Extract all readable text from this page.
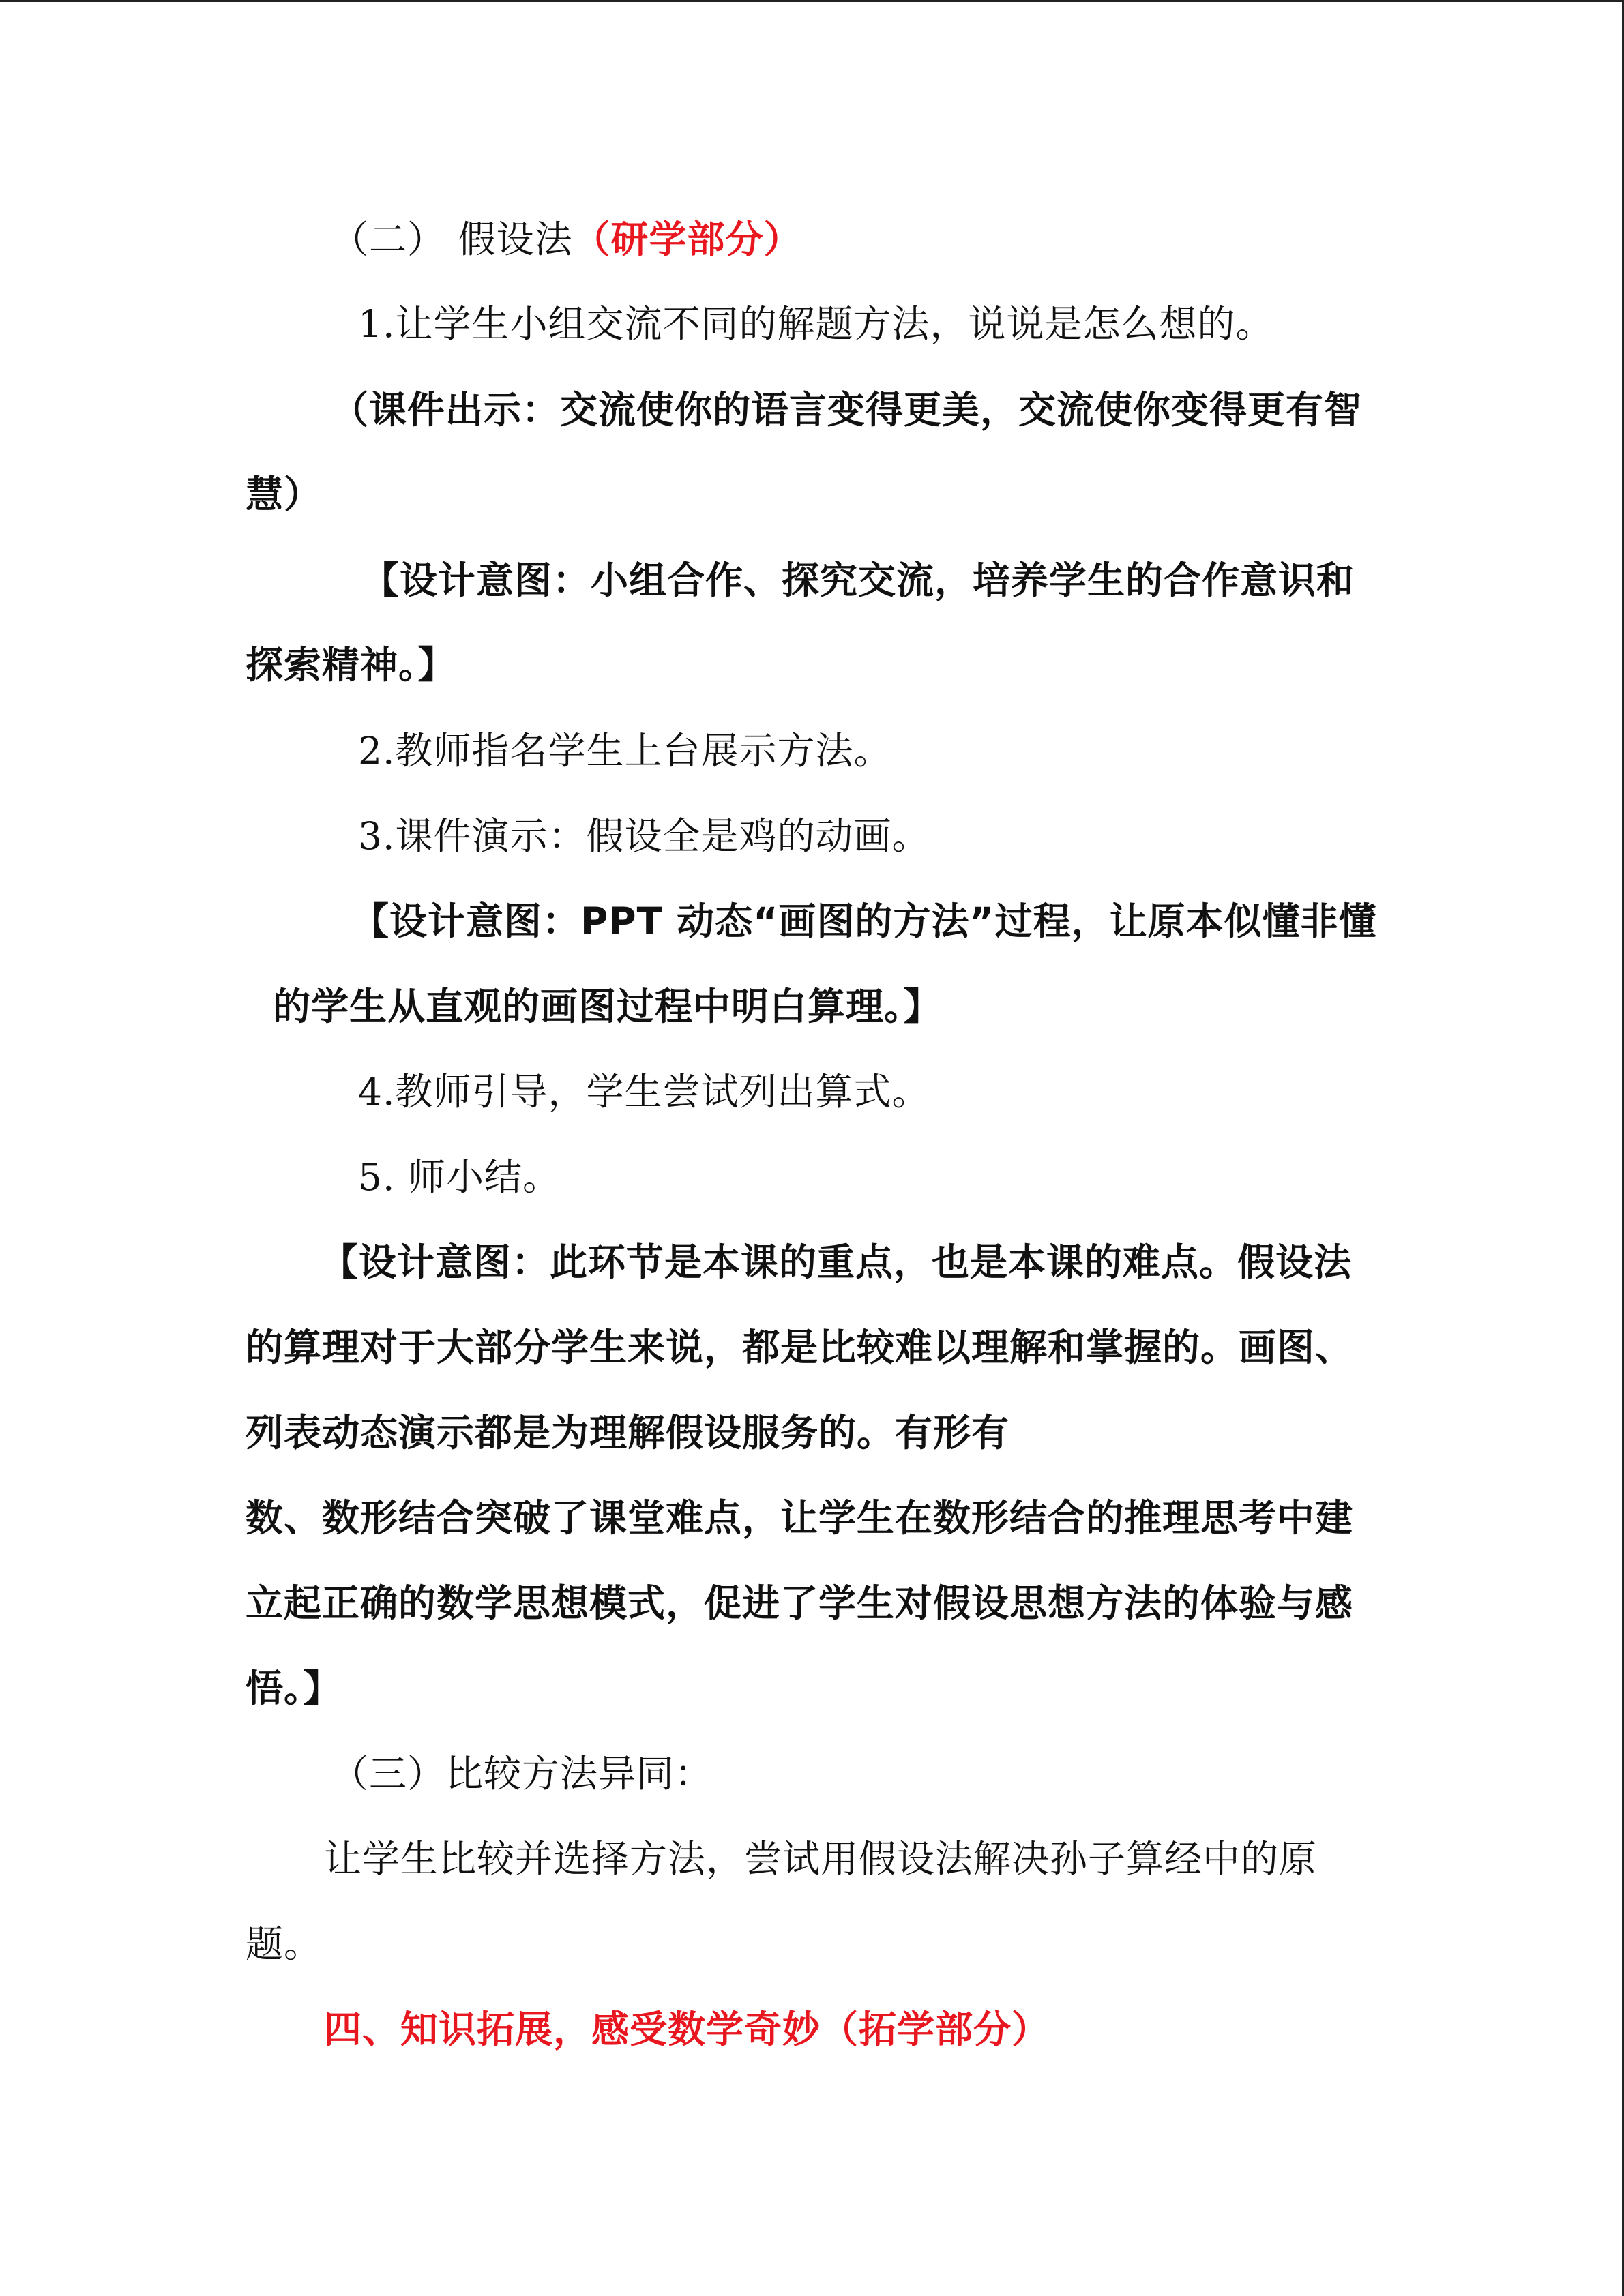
（二） 假设法（研学部分）
1.让学生小组交流不同的解题方法，说说是怎么想的。
（课件出示：交流使你的语言变得更美，交流使你变得更有智
慧）
【设计意图：小组合作、探究交流，培养学生的合作意识和
探索精神。】
2.教师指名学生上台展示方法。
3.课件演示：假设全是鸡的动画。
【设计意图：PPT 动态“画图的方法”过程，让原本似懂非懂
的学生从直观的画图过程中明白算理。】
4.教师引导，学生尝试列出算式。
5. 师小结。
【设计意图：此环节是本课的重点，也是本课的难点。假设法
的算理对于大部分学生来说，都是比较难以理解和掌握的。画图、
列表动态演示都是为理解假设服务的。有形有
数、数形结合突破了课堂难点，让学生在数形结合的推理思考中建
立起正确的数学思想模式，促进了学生对假设思想方法的体验与感
悟。】
（三）比较方法异同：
让学生比较并选择方法，尝试用假设法解决孙子算经中的原
题。
四、知识拓展，感受数学奇妙（拓学部分）
